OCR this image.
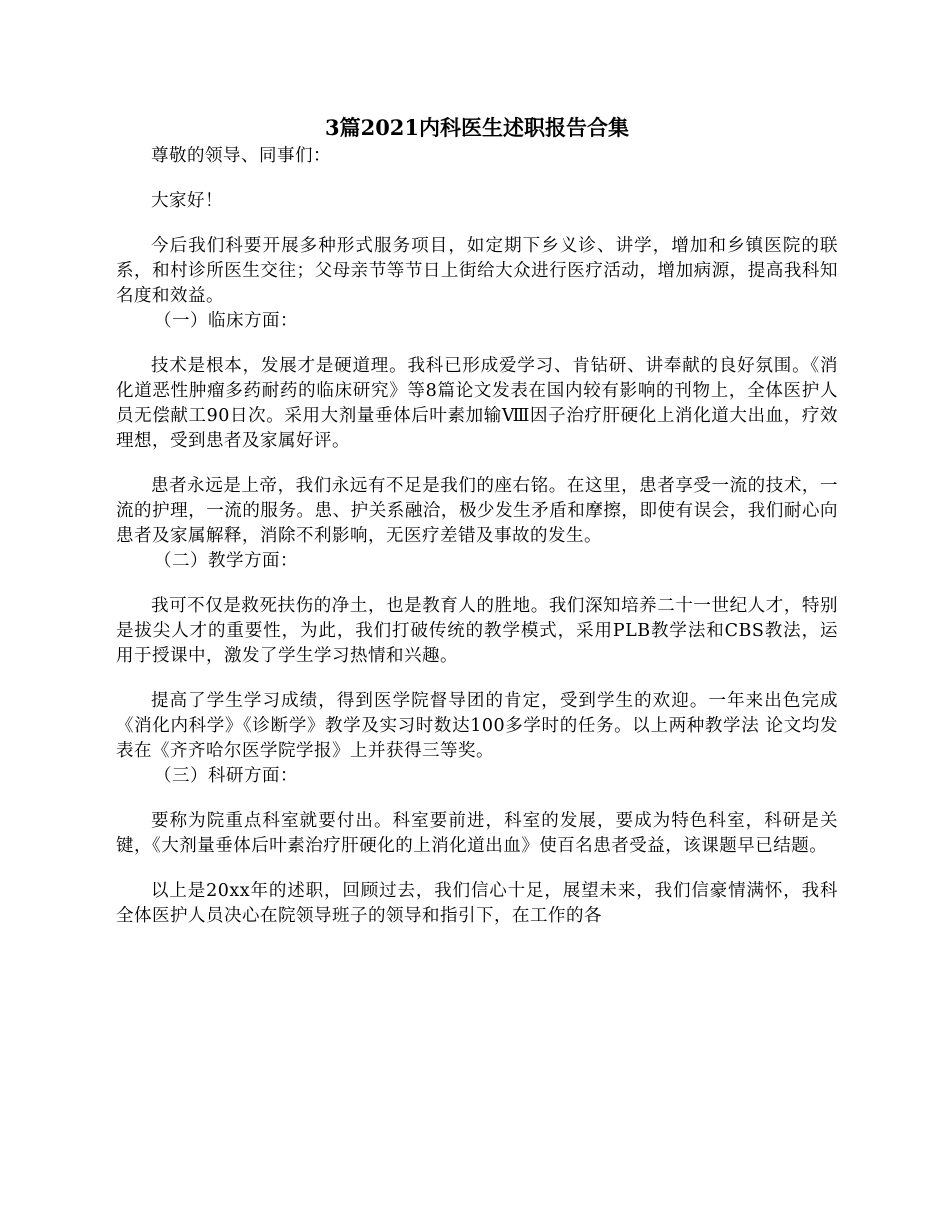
3篇2021内科医生述职报告合集

尊敬的领导、同事们：

大家好！

今后我们科要开展多种形式服务项目，如定期下乡义诊、讲学，增加和乡镇医院的联系，和村诊所医生交往；父母亲节等节日上街给大众进行医疗活动，增加病源，提高我科知名度和效益。

（一）临床方面：

技术是根本，发展才是硬道理。我科已形成爱学习、肯钻研、讲奉献的良好氛围。《消化道恶性肿瘤多药耐药的临床研究》等8篇论文发表在国内较有影响的刊物上，全体医护人员无偿献工90日次。采用大剂量垂体后叶素加输Ⅷ因子治疗肝硬化上消化道大出血，疗效理想，受到患者及家属好评。

患者永远是上帝，我们永远有不足是我们的座右铭。在这里，患者享受一流的技术，一流的护理，一流的服务。患、护关系融洽，极少发生矛盾和摩擦，即使有误会，我们耐心向患者及家属解释，消除不利影响，无医疗差错及事故的发生。

（二）教学方面：

我可不仅是救死扶伤的净土，也是教育人的胜地。我们深知培养二十一世纪人才，特别是拔尖人才的重要性，为此，我们打破传统的教学模式，采用PLB教学法和CBS教法，运用于授课中，激发了学生学习热情和兴趣。

提高了学生学习成绩，得到医学院督导团的肯定，受到学生的欢迎。一年来出色完成《消化内科学》《诊断学》教学及实习时数达100多学时的任务。以上两种教学法 论文均发表在《齐齐哈尔医学院学报》上并获得三等奖。

（三）科研方面：

要称为院重点科室就要付出。科室要前进，科室的发展，要成为特色科室，科研是关键，《大剂量垂体后叶素治疗肝硬化的上消化道出血》使百名患者受益，该课题早已结题。

以上是20xx年的述职，回顾过去，我们信心十足，展望未来，我们信豪情满怀，我科全体医护人员决心在院领导班子的领导和指引下，在工作的各
